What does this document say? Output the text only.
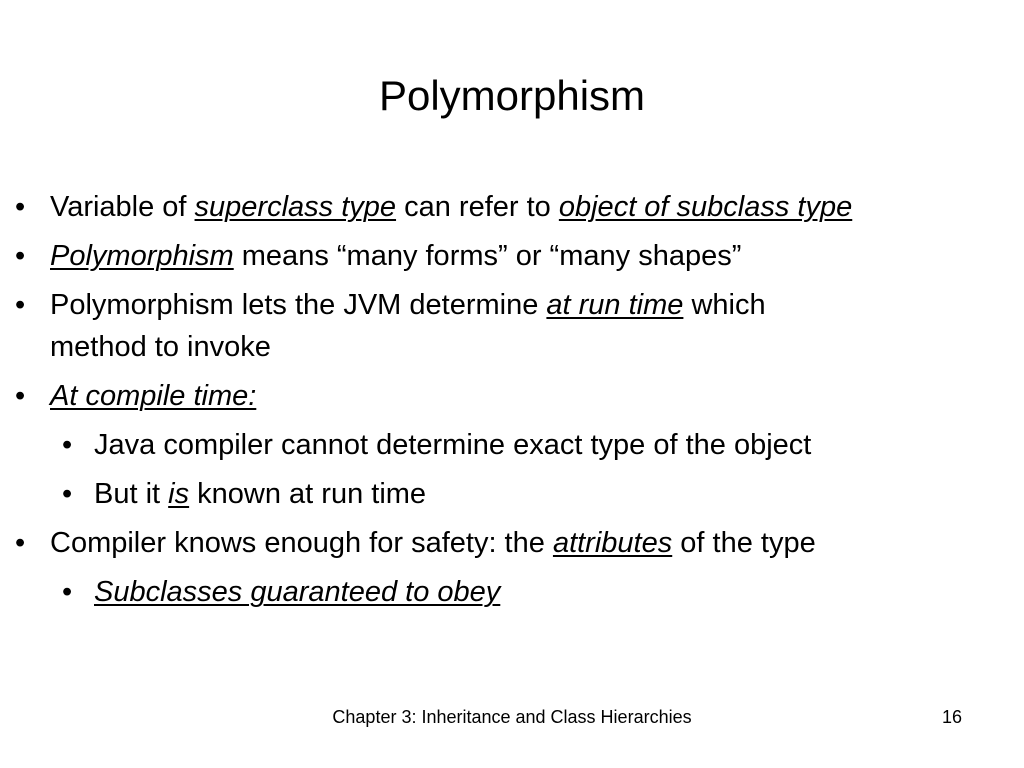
Polymorphism
• Variable of superclass type can refer to object of subclass type
• Polymorphism means “many forms” or “many shapes”
• Polymorphism lets the JVM determine at run time which
method to invoke
• At compile time:
• Java compiler cannot determine exact type of the object
• But it is known at run time
• Compiler knows enough for safety: the attributes of the type
• Subclasses guaranteed to obey
Chapter 3: Inheritance and Class Hierarchies	16
